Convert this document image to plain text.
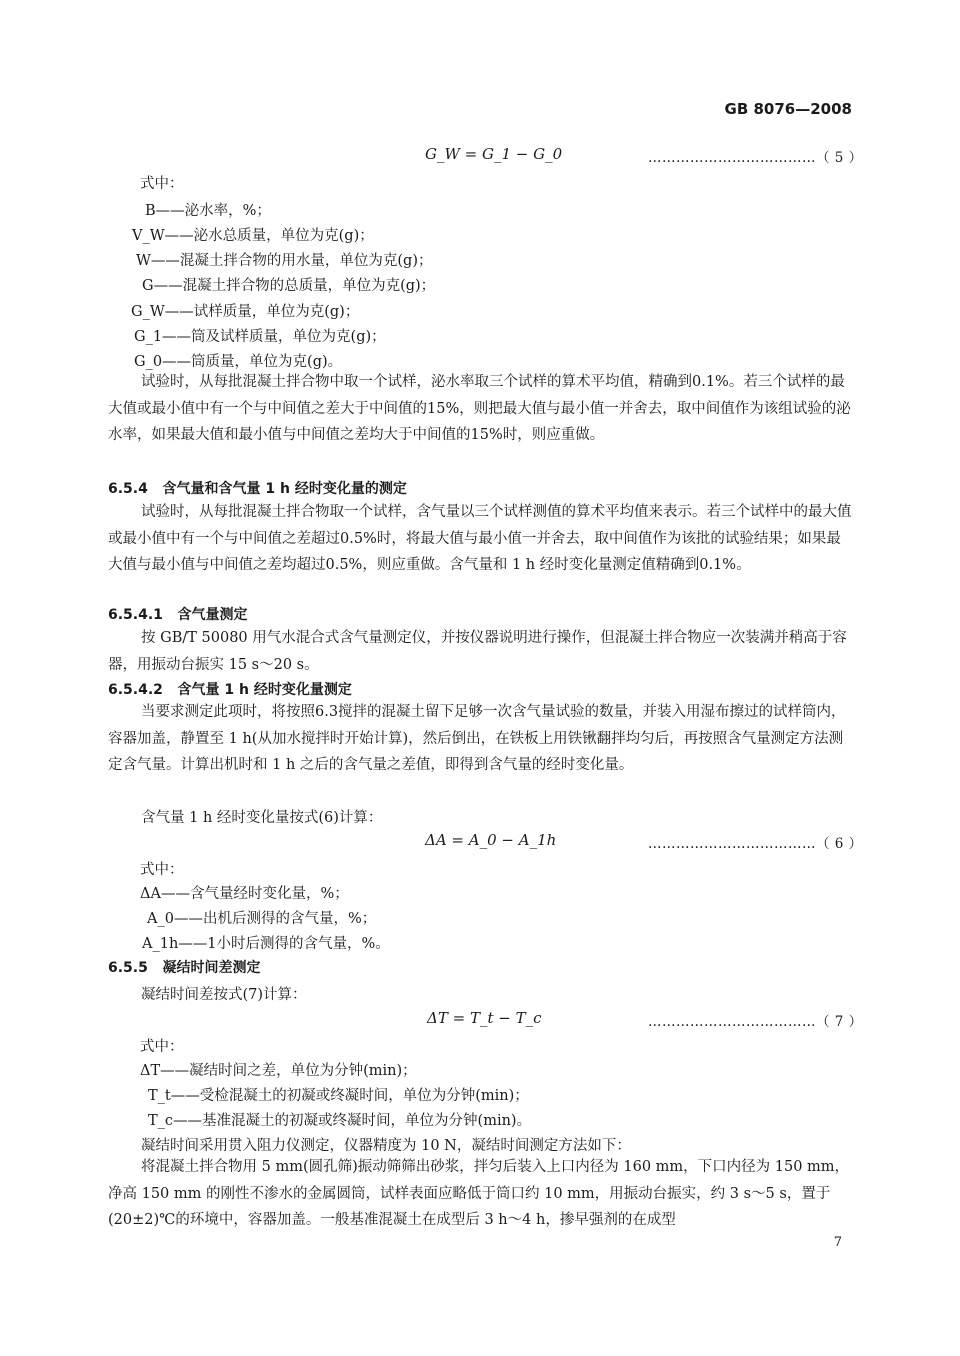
GB 8076—2008
G_W = G_1 − G_0	………………………………（ 5 ）
式中：
B——泌水率，%；
V_W——泌水总质量，单位为克(g)；
W——混凝土拌合物的用水量，单位为克(g)；
G——混凝土拌合物的总质量，单位为克(g)；
G_W——试样质量，单位为克(g)；
G_1——筒及试样质量，单位为克(g)；
G_0——筒质量，单位为克(g)。
试验时，从每批混凝土拌合物中取一个试样，泌水率取三个试样的算术平均值，精确到0.1%。若三个试样的最大值或最小值中有一个与中间值之差大于中间值的15%，则把最大值与最小值一并舍去，取中间值作为该组试验的泌水率，如果最大值和最小值与中间值之差均大于中间值的15%时，则应重做。
6.5.4 含气量和含气量 1 h 经时变化量的测定
试验时，从每批混凝土拌合物取一个试样，含气量以三个试样测值的算术平均值来表示。若三个试样中的最大值或最小值中有一个与中间值之差超过0.5%时，将最大值与最小值一并舍去，取中间值作为该批的试验结果；如果最大值与最小值与中间值之差均超过0.5%，则应重做。含气量和 1 h 经时变化量测定值精确到0.1%。
6.5.4.1 含气量测定
按 GB/T 50080 用气水混合式含气量测定仪，并按仪器说明进行操作，但混凝土拌合物应一次装满并稍高于容器，用振动台振实 15 s～20 s。
6.5.4.2 含气量 1 h 经时变化量测定
当要求测定此项时，将按照6.3搅拌的混凝土留下足够一次含气量试验的数量，并装入用湿布擦过的试样筒内，容器加盖，静置至 1 h(从加水搅拌时开始计算)，然后倒出，在铁板上用铁锹翻拌均匀后，再按照含气量测定方法测定含气量。计算出机时和 1 h 之后的含气量之差值，即得到含气量的经时变化量。
含气量 1 h 经时变化量按式(6)计算：
ΔA = A_0 − A_1h	………………………………（ 6 ）
式中：
ΔA——含气量经时变化量，%；
A_0——出机后测得的含气量，%；
A_1h——1小时后测得的含气量，%。
6.5.5 凝结时间差测定
凝结时间差按式(7)计算：
ΔT = T_t − T_c	………………………………（ 7 ）
式中：
ΔT——凝结时间之差，单位为分钟(min)；
T_t——受检混凝土的初凝或终凝时间，单位为分钟(min)；
T_c——基准混凝土的初凝或终凝时间，单位为分钟(min)。
凝结时间采用贯入阻力仪测定，仪器精度为 10 N，凝结时间测定方法如下：
将混凝土拌合物用 5 mm(圆孔筛)振动筛筛出砂浆，拌匀后装入上口内径为 160 mm，下口内径为 150 mm，净高 150 mm 的刚性不渗水的金属圆筒，试样表面应略低于筒口约 10 mm，用振动台振实，约 3 s～5 s，置于(20±2)℃的环境中，容器加盖。一般基准混凝土在成型后 3 h～4 h，掺早强剂的在成型
7
